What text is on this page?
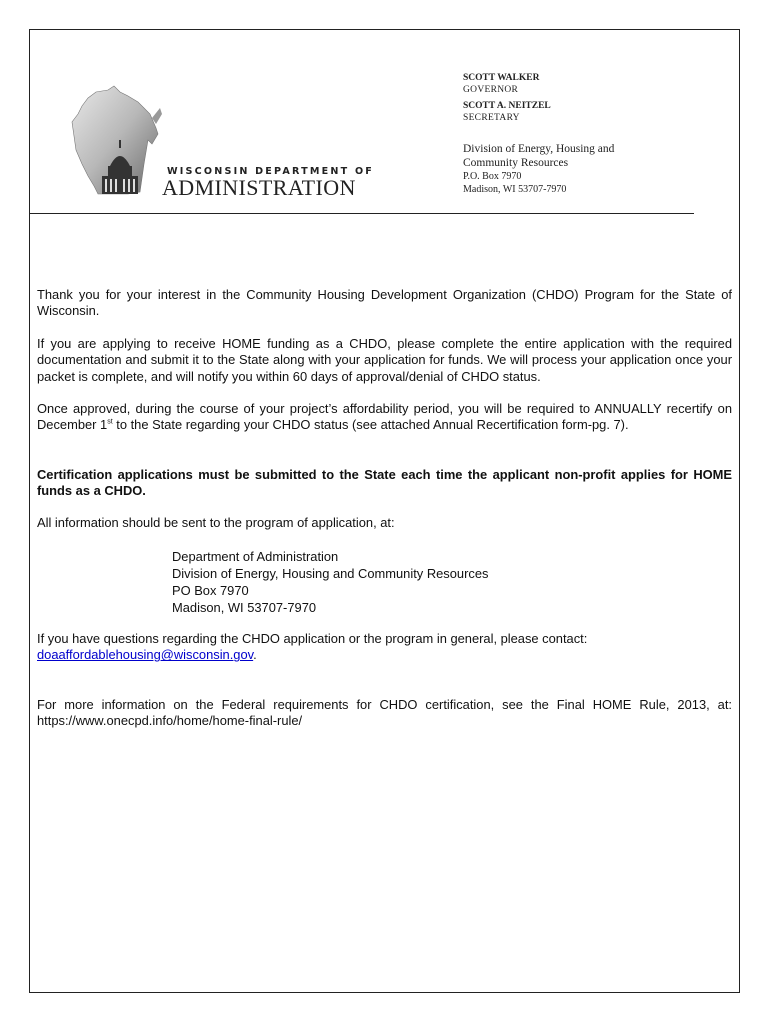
WISCONSIN DEPARTMENT OF
ADMINISTRATION
SCOTT WALKER
GOVERNOR
SCOTT A. NEITZEL
SECRETARY
Division of Energy, Housing and
Community Resources
P.O. Box 7970
Madison, WI 53707-7970

Thank you for your interest in the Community Housing Development Organization (CHDO) Program for the State of Wisconsin.

If you are applying to receive HOME funding as a CHDO, please complete the entire application with the required documentation and submit it to the State along with your application for funds. We will process your application once your packet is complete, and will notify you within 60 days of approval/denial of CHDO status.

Once approved, during the course of your project’s affordability period, you will be required to ANNUALLY recertify on December 1st to the State regarding your CHDO status (see attached Annual Recertification form-pg. 7).

Certification applications must be submitted to the State each time the applicant non-profit applies for HOME funds as a CHDO.

All information should be sent to the program of application, at:

Department of Administration
Division of Energy, Housing and Community Resources
PO Box 7970
Madison, WI 53707-7970

If you have questions regarding the CHDO application or the program in general, please contact:
doaaffordablehousing@wisconsin.gov.

For more information on the Federal requirements for CHDO certification, see the Final HOME Rule, 2013, at: https://www.onecpd.info/home/home-final-rule/
